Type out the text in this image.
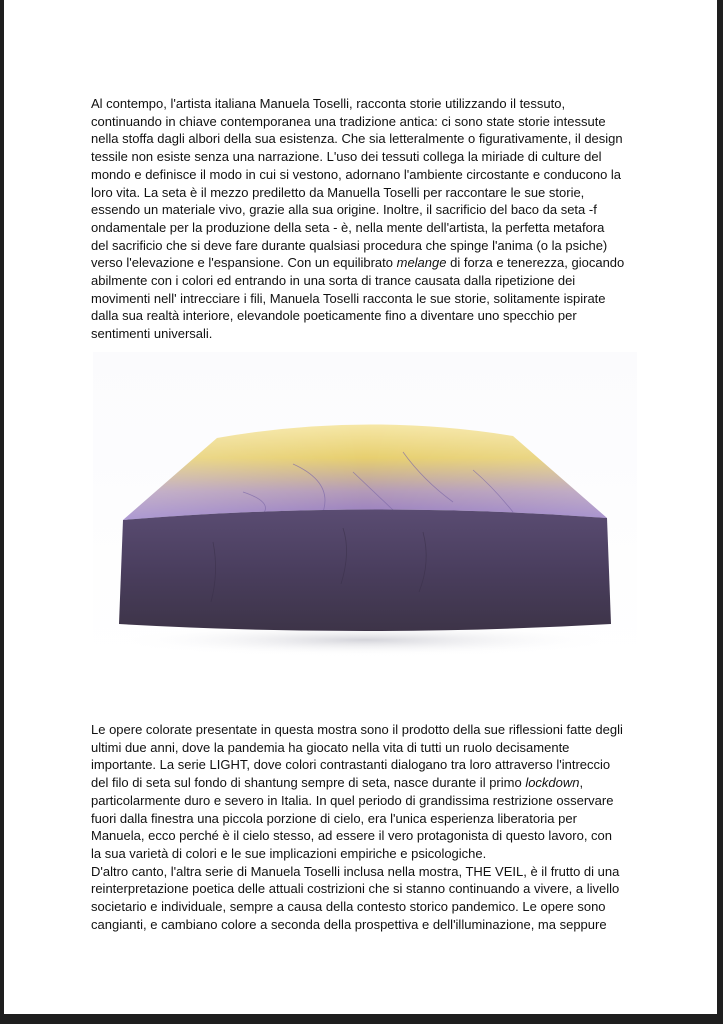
Al contempo, l'artista italiana Manuela Toselli, racconta storie utilizzando il tessuto,
continuando in chiave contemporanea una tradizione antica: ci sono state storie intessute
nella stoffa dagli albori della sua esistenza. Che sia letteralmente o figurativamente, il design
tessile non esiste senza una narrazione. L'uso dei tessuti collega la miriade di culture del
mondo e definisce il modo in cui si vestono, adornano l'ambiente circostante e conducono la
loro vita. La seta è il mezzo prediletto da Manuella Toselli per raccontare le sue storie,
essendo un materiale vivo, grazie alla sua origine. Inoltre, il sacrificio del baco da seta -f
ondamentale per la produzione della seta - è, nella mente dell'artista, la perfetta metafora
del sacrificio che si deve fare durante qualsiasi procedura che spinge l'anima (o la psiche)
verso l'elevazione e l'espansione. Con un equilibrato melange di forza e tenerezza, giocando
abilmente con i colori ed entrando in una sorta di trance causata dalla ripetizione dei
movimenti nell' intrecciare i fili, Manuela Toselli racconta le sue storie, solitamente ispirate
dalla sua realtà interiore, elevandole poeticamente fino a diventare uno specchio per
sentimenti universali.

Le opere colorate presentate in questa mostra sono il prodotto della sue riflessioni fatte degli
ultimi due anni, dove la pandemia ha giocato nella vita di tutti un ruolo decisamente
importante. La serie LIGHT, dove colori contrastanti dialogano tra loro attraverso l'intreccio
del filo di seta sul fondo di shantung sempre di seta, nasce durante il primo lockdown,
particolarmente duro e severo in Italia. In quel periodo di grandissima restrizione osservare
fuori dalla finestra una piccola porzione di cielo, era l'unica esperienza liberatoria per
Manuela, ecco perché è il cielo stesso, ad essere il vero protagonista di questo lavoro, con
la sua varietà di colori e le sue implicazioni empiriche e psicologiche.
D'altro canto, l'altra serie di Manuela Toselli inclusa nella mostra, THE VEIL, è il frutto di una
reinterpretazione poetica delle attuali costrizioni che si stanno continuando a vivere, a livello
societario e individuale, sempre a causa della contesto storico pandemico. Le opere sono
cangianti, e cambiano colore a seconda della prospettiva e dell'illuminazione, ma seppure
